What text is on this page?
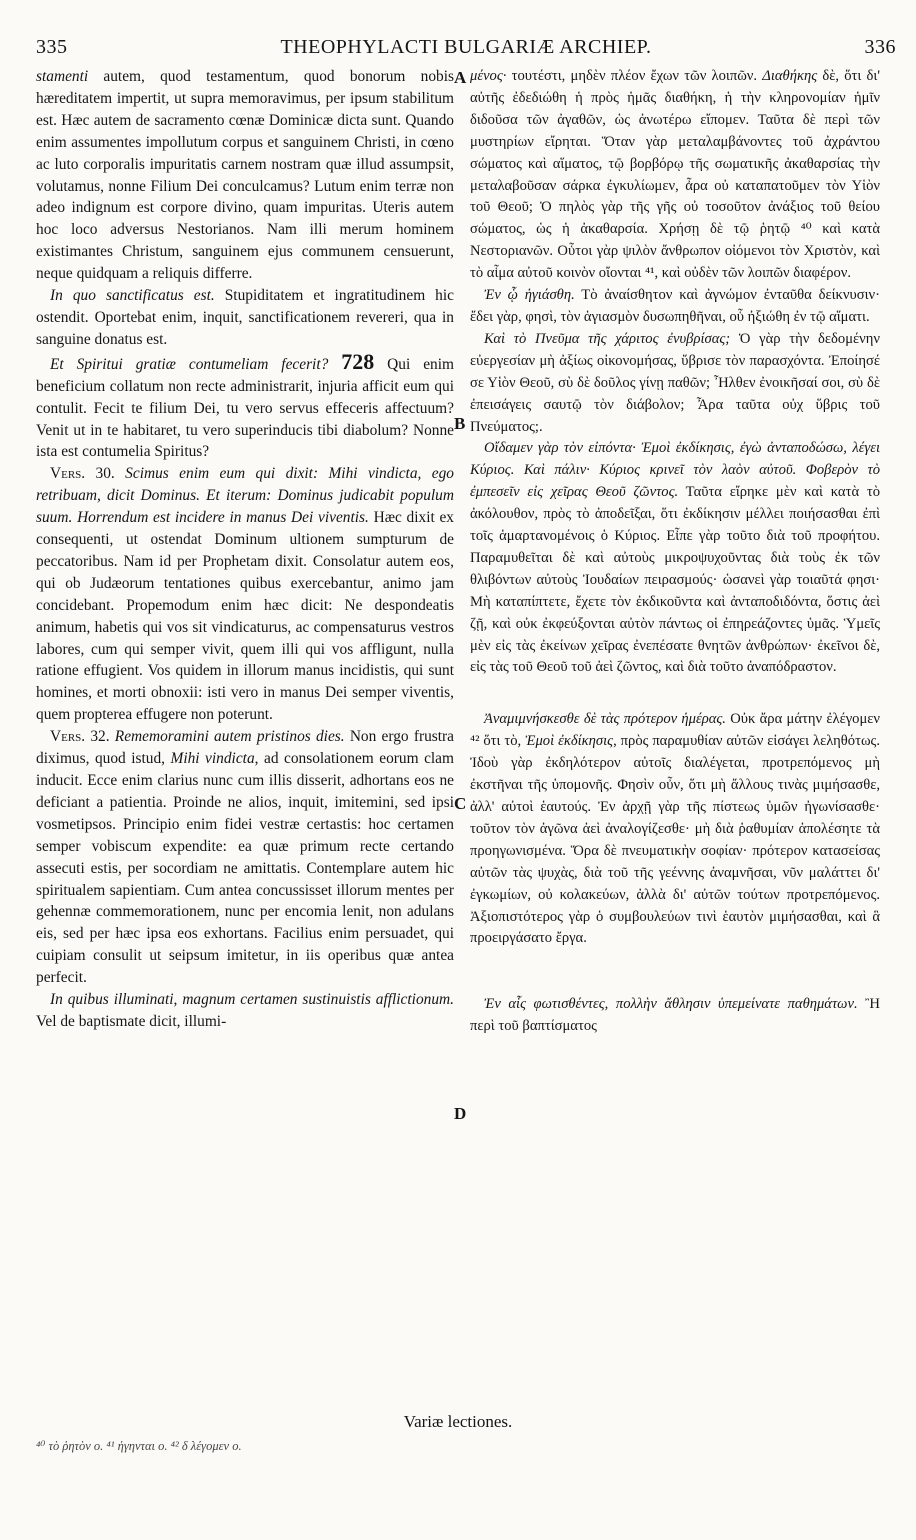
335	THEOPHYLACTI BULGARIÆ ARCHIEP.	336
A
B
C
D

stamenti autem, quod testamentum, quod bonorum nobis hæreditatem impertit, ut supra memoravimus, per ipsum stabilitum est. Hæc autem de sacramento cœnæ Dominicæ dicta sunt. Quando enim assumentes impollutum corpus et sanguinem Christi, in cœno ac luto corporalis impuritatis carnem nostram quæ illud assumpsit, volutamus, nonne Filium Dei conculcamus? Lutum enim terræ non adeo indignum est corpore divino, quam impuritas. Uteris autem hoc loco adversus Nestorianos. Nam illi merum hominem existimantes Christum, sanguinem ejus communem censuerunt, neque quidquam a reliquis differre.

In quo sanctificatus est. Stupiditatem et ingratitudinem hic ostendit. Oportebat enim, inquit, sanctificationem revereri, qua in sanguine donatus est.

Et Spiritui gratiæ contumeliam fecerit? 728 Qui enim beneficium collatum non recte administrarit, injuria afficit eum qui contulit. Fecit te filium Dei, tu vero servus effeceris affectuum? Venit ut in te habitaret, tu vero superinducis tibi diabolum? Nonne ista est contumelia Spiritus?

Vers. 30. Scimus enim eum qui dixit: Mihi vindicta, ego retribuam, dicit Dominus. Et iterum: Dominus judicabit populum suum. Horrendum est incidere in manus Dei viventis. Hæc dixit ex consequenti, ut ostendat Dominum ultionem sumpturum de peccatoribus. Nam id per Prophetam dixit. Consolatur autem eos, qui ob Judæorum tentationes quibus exercebantur, animo jam concidebant. Propemodum enim hæc dicit: Ne despondeatis animum, habetis qui vos sit vindicaturus, ac compensaturus vestros labores, cum qui semper vivit, quem illi qui vos affligunt, nulla ratione effugient. Vos quidem in illorum manus incidistis, qui sunt homines, et morti obnoxii: isti vero in manus Dei semper viventis, quem propterea effugere non poterunt.

Vers. 32. Rememoramini autem pristinos dies. Non ergo frustra diximus, quod istud, Mihi vindicta, ad consolationem eorum clam inducit. Ecce enim clarius nunc cum illis disserit, adhortans eos ne deficiant a patientia. Proinde ne alios, inquit, imitemini, sed ipsi vosmetipsos. Principio enim fidei vestræ certastis: hoc certamen semper vobiscum expendite: ea quæ primum recte certando assecuti estis, per socordiam ne amittatis. Contemplare autem hic spiritualem sapientiam. Cum antea concussisset illorum mentes per gehennæ commemorationem, nunc per encomia lenit, non adulans eis, sed per hæc ipsa eos exhortans. Facilius enim persuadet, qui cuipiam consulit ut seipsum imitetur, in iis operibus quæ antea perfecit.

In quibus illuminati, magnum certamen sustinuistis afflictionum. Vel de baptismate dicit, illumi-

μένος· τουτέστι, μηδὲν πλέον ἔχων τῶν λοιπῶν. Διαθήκης δὲ, ὅτι δι' αὐτῆς ἐδεδιώθη ἡ πρὸς ἡμᾶς διαθήκη, ἡ τὴν κληρονομίαν ἡμῖν διδοῦσα τῶν ἀγαθῶν, ὡς ἀνωτέρω εἴπομεν. Ταῦτα δὲ περὶ τῶν μυστηρίων εἴρηται. Ὅταν γὰρ μεταλαμβάνοντες τοῦ ἀχράντου σώματος καὶ αἵματος, τῷ βορβόρῳ τῆς σωματικῆς ἀκαθαρσίας τὴν μεταλαβοῦσαν σάρκα ἐγκυλίωμεν, ἆρα οὐ καταπατοῦμεν τὸν Υἱὸν τοῦ Θεοῦ; Ὁ πηλὸς γὰρ τῆς γῆς οὐ τοσοῦτον ἀνάξιος τοῦ θείου σώματος, ὡς ἡ ἀκαθαρσία. Χρήσῃ δὲ τῷ ῥητῷ ⁴⁰ καὶ κατὰ Νεστοριανῶν. Οὗτοι γὰρ ψιλὸν ἄνθρωπον οἰόμενοι τὸν Χριστὸν, καὶ τὸ αἷμα αὐτοῦ κοινὸν οἴονται ⁴¹, καὶ οὐδὲν τῶν λοιπῶν διαφέρον.

Ἐν ᾧ ἡγιάσθη. Τὸ ἀναίσθητον καὶ ἀγνώμον ἐνταῦθα δείκνυσιν· ἔδει γὰρ, φησὶ, τὸν ἁγιασμὸν δυσωπηθῆναι, οὗ ἠξιώθη ἐν τῷ αἵματι.

Καὶ τὸ Πνεῦμα τῆς χάριτος ἐνυβρίσας; Ὁ γὰρ τὴν δεδομένην εὐεργεσίαν μὴ ἀξίως οἰκονομήσας, ὕβρισε τὸν παρασχόντα. Ἐποίησέ σε Υἱὸν Θεοῦ, σὺ δὲ δοῦλος γίνῃ παθῶν; Ἦλθεν ἐνοικῆσαί σοι, σὺ δὲ ἐπεισάγεις σαυτῷ τὸν διάβολον; Ἆρα ταῦτα οὐχ ὕβρις τοῦ Πνεύματος;.

Οἴδαμεν γὰρ τὸν εἰπόντα· Ἐμοὶ ἐκδίκησις, ἐγὼ ἀνταποδώσω, λέγει Κύριος. Καὶ πάλιν· Κύριος κρινεῖ τὸν λαὸν αὐτοῦ. Φοβερὸν τὸ ἐμπεσεῖν εἰς χεῖρας Θεοῦ ζῶντος. Ταῦτα εἴρηκε μὲν καὶ κατὰ τὸ ἀκόλουθον, πρὸς τὸ ἀποδεῖξαι, ὅτι ἐκδίκησιν μέλλει ποιήσασθαι ἐπὶ τοῖς ἁμαρτανομένοις ὁ Κύριος. Εἶπε γὰρ τοῦτο διὰ τοῦ προφήτου. Παραμυθεῖται δὲ καὶ αὐτοὺς μικροψυχοῦντας διὰ τοὺς ἐκ τῶν θλιβόντων αὐτοὺς Ἰουδαίων πειρασμούς· ὡσανεὶ γὰρ τοιαῦτά φησι· Μὴ καταπίπτετε, ἔχετε τὸν ἐκδικοῦντα καὶ ἀνταποδιδόντα, ὅστις ἀεὶ ζῇ, καὶ οὐκ ἐκφεύξονται αὐτὸν πάντως οἱ ἐπηρεάζοντες ὑμᾶς. Ὑμεῖς μὲν εἰς τὰς ἐκείνων χεῖρας ἐνεπέσατε θνητῶν ἀνθρώπων· ἐκεῖνοι δὲ, εἰς τὰς τοῦ Θεοῦ τοῦ ἀεὶ ζῶντος, καὶ διὰ τοῦτο ἀναπόδραστον.

Ἀναμιμνήσκεσθε δὲ τὰς πρότερον ἡμέρας. Οὐκ ἄρα μάτην ἐλέγομεν ⁴² ὅτι τὸ, Ἐμοὶ ἐκδίκησις, πρὸς παραμυθίαν αὐτῶν εἰσάγει λεληθότως. Ἰδοὺ γὰρ ἐκδηλότερον αὐτοῖς διαλέγεται, προτρεπόμενος μὴ ἐκστῆναι τῆς ὑπομονῆς. Φησὶν οὖν, ὅτι μὴ ἄλλους τινὰς μιμήσασθε, ἀλλ' αὐτοὶ ἑαυτούς. Ἐν ἀρχῇ γὰρ τῆς πίστεως ὑμῶν ἠγωνίσασθε· τοῦτον τὸν ἀγῶνα ἀεὶ ἀναλογίζεσθε· μὴ διὰ ῥαθυμίαν ἀπολέσητε τὰ προηγωνισμένα. Ὅρα δὲ πνευματικὴν σοφίαν· πρότερον κατασείσας αὐτῶν τὰς ψυχὰς, διὰ τοῦ τῆς γεέννης ἀναμνῆσαι, νῦν μαλάττει δι' ἐγκωμίων, οὐ κολακεύων, ἀλλὰ δι' αὐτῶν τούτων προτρεπόμενος. Ἀξιοπιστότερος γὰρ ὁ συμβουλεύων τινὶ ἑαυτὸν μιμήσασθαι, καὶ ἃ προειργάσατο ἔργα.

Ἐν αἷς φωτισθέντες, πολλὴν ἄθλησιν ὑπεμείνατε παθημάτων. Ἢ περὶ τοῦ βαπτίσματος

Variæ lectiones.
⁴⁰ τὸ ῥητὸν ο. ⁴¹ ἡγηνται ο. ⁴² δ λέγομεν ο.
